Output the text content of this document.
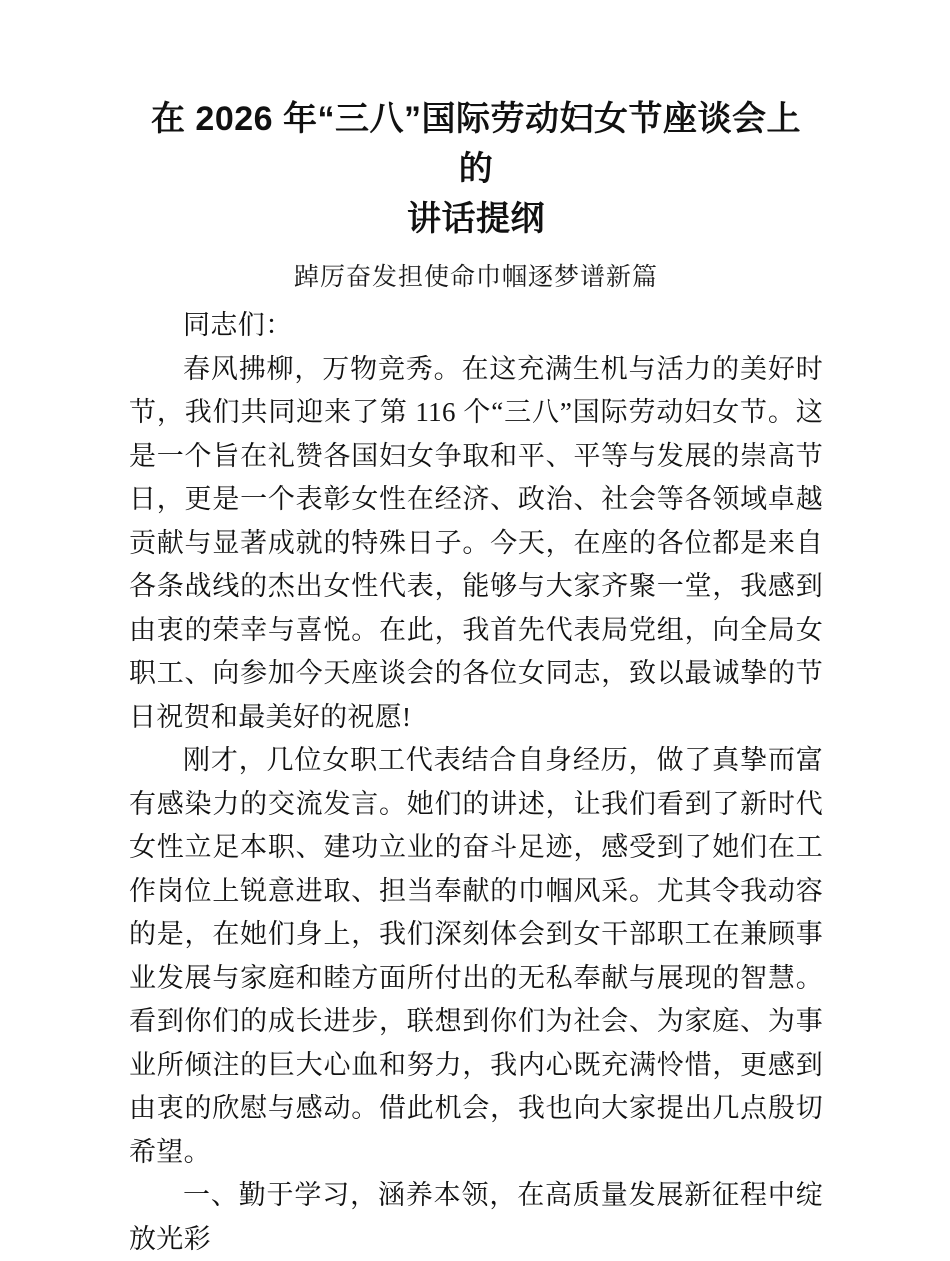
在 2026 年“三八”国际劳动妇女节座谈会上的
讲话提纲
踔厉奋发担使命巾帼逐梦谱新篇

同志们：

春风拂柳，万物竞秀。在这充满生机与活力的美好时节，我们共同迎来了第 116 个“三八”国际劳动妇女节。这是一个旨在礼赞各国妇女争取和平、平等与发展的崇高节日，更是一个表彰女性在经济、政治、社会等各领域卓越贡献与显著成就的特殊日子。今天，在座的各位都是来自各条战线的杰出女性代表，能够与大家齐聚一堂，我感到由衷的荣幸与喜悦。在此，我首先代表局党组，向全局女职工、向参加今天座谈会的各位女同志，致以最诚挚的节日祝贺和最美好的祝愿!

刚才，几位女职工代表结合自身经历，做了真挚而富有感染力的交流发言。她们的讲述，让我们看到了新时代女性立足本职、建功立业的奋斗足迹，感受到了她们在工作岗位上锐意进取、担当奉献的巾帼风采。尤其令我动容的是，在她们身上，我们深刻体会到女干部职工在兼顾事业发展与家庭和睦方面所付出的无私奉献与展现的智慧。看到你们的成长进步，联想到你们为社会、为家庭、为事业所倾注的巨大心血和努力，我内心既充满怜惜，更感到由衷的欣慰与感动。借此机会，我也向大家提出几点殷切希望。

一、勤于学习，涵养本领，在高质量发展新征程中绽放光彩
